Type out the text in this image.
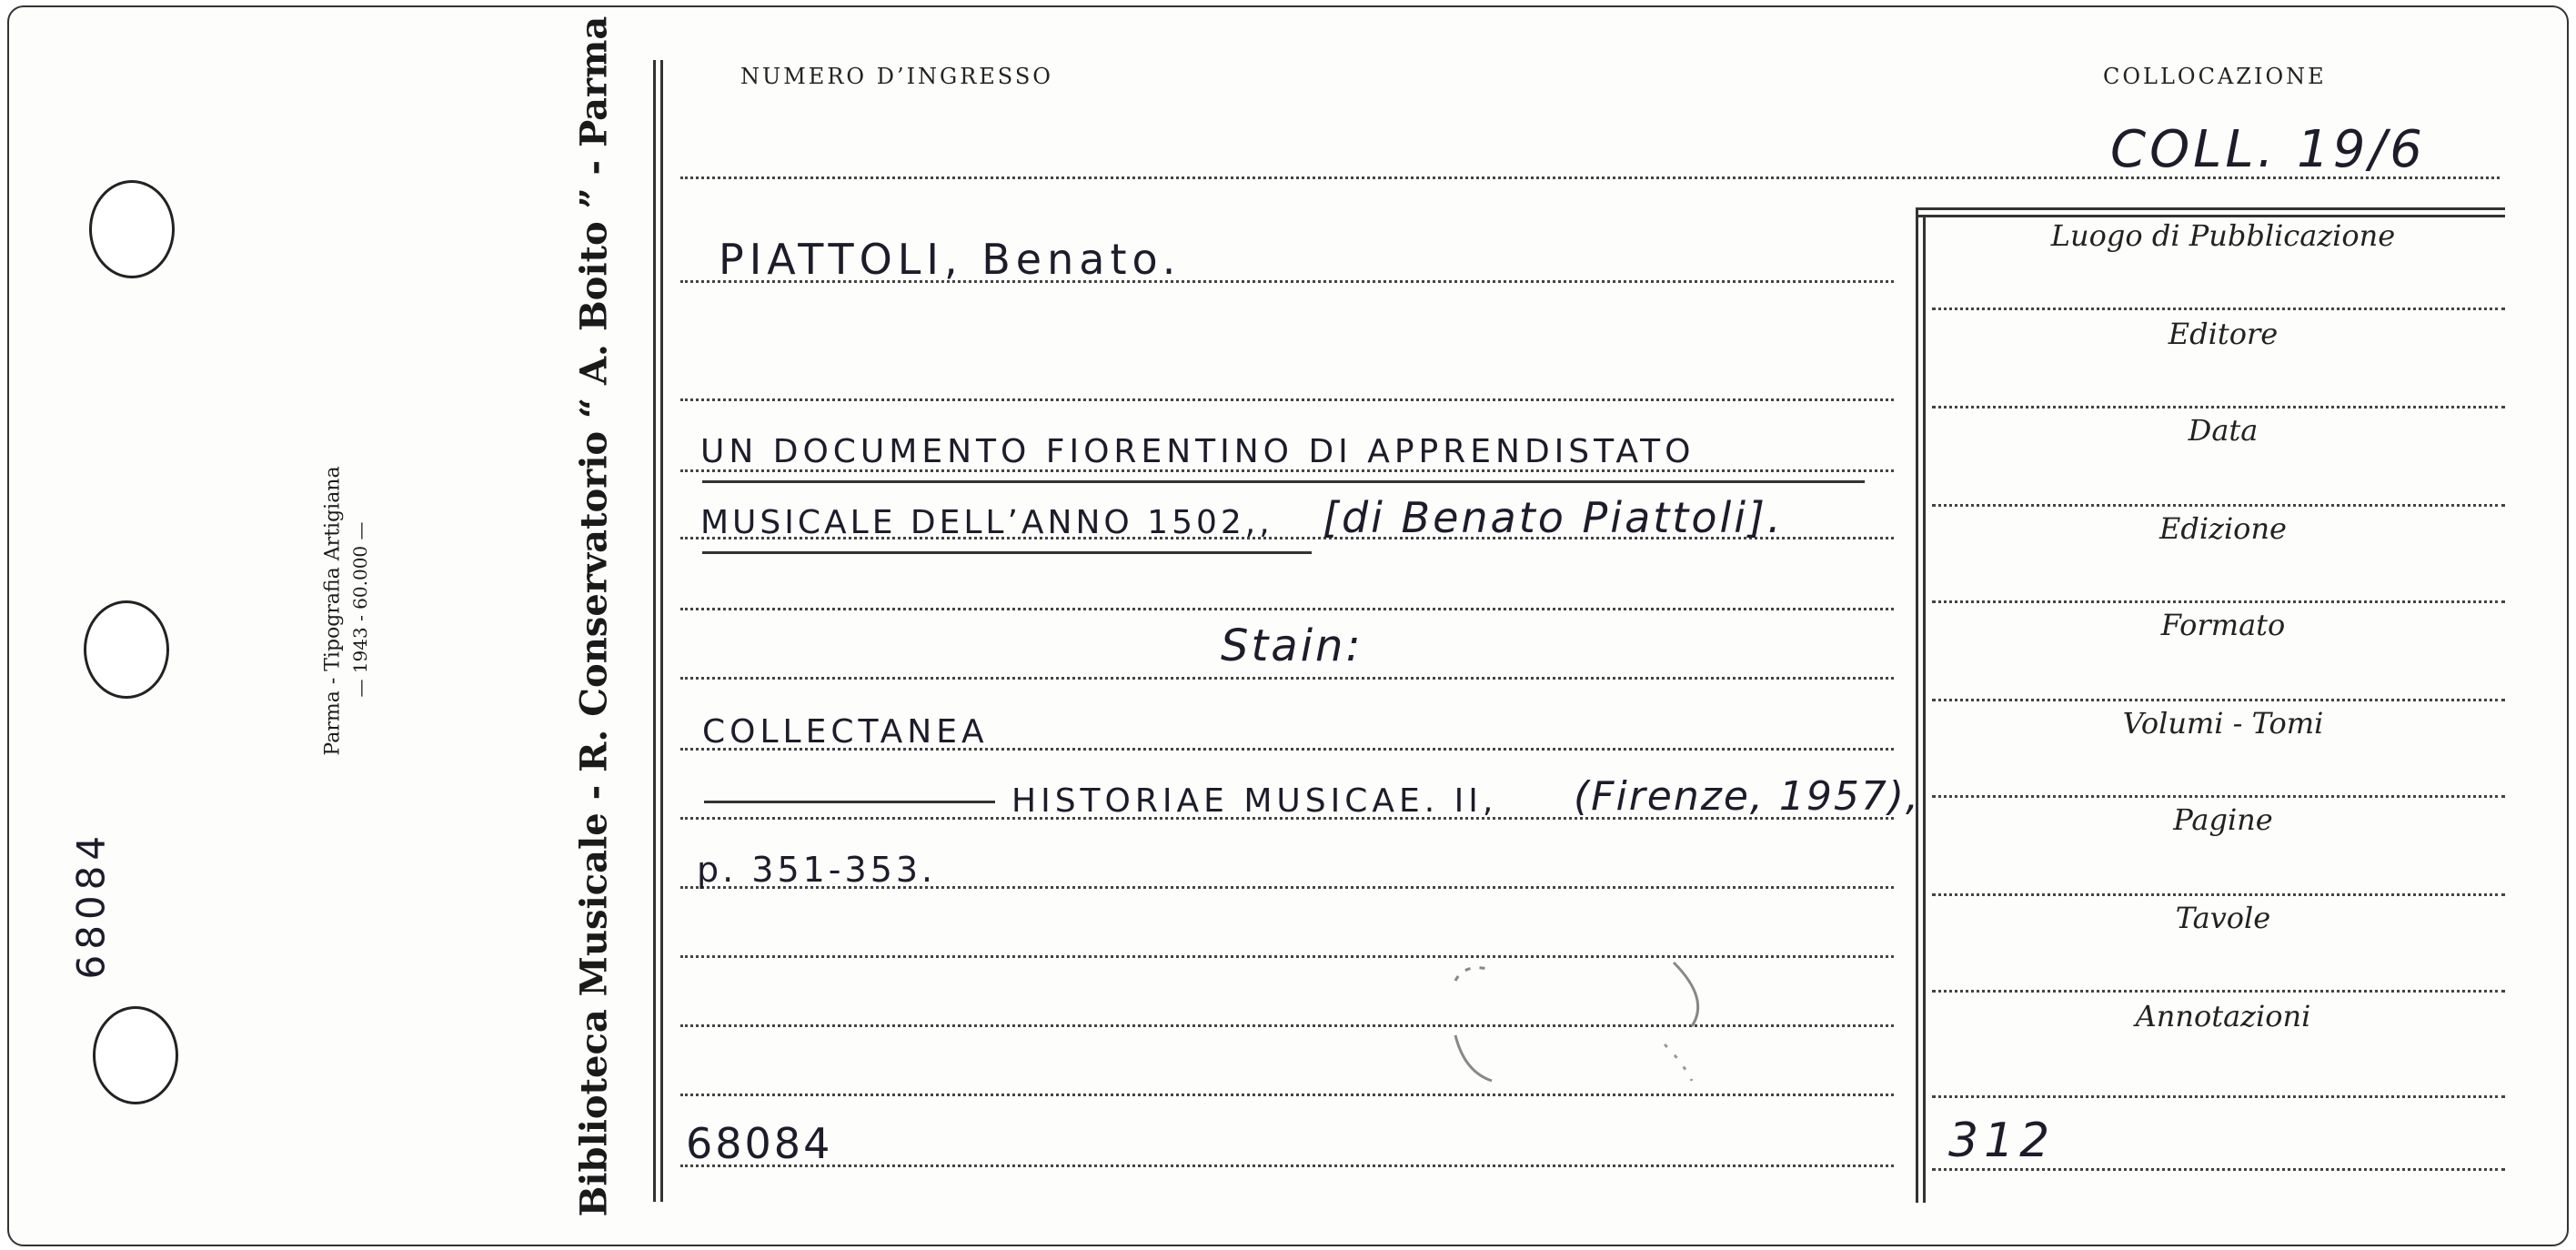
68084
Parma - Tipografia Artigiana — 1943 - 60.000 —	Biblioteca Musicale - R. Conservatorio “ A. Boito ” - Parma	NUMERO D’INGRESSO	COLLOCAZIONE
COLL. 19/6
PIATTOLI, Benato.
UN DOCUMENTO FIORENTINO DI APPRENDISTATO
MUSICALE DELL’ANNO 1502,, [di Benato Piattoli].
Stain:
COLLECTANEA
HISTORIAE MUSICAE. II, (Firenze, 1957),
p. 351-353.
68084
Luogo di Pubblicazione
Editore
Data
Edizione
Formato
Volumi - Tomi
Pagine
Tavole
Annotazioni
312
